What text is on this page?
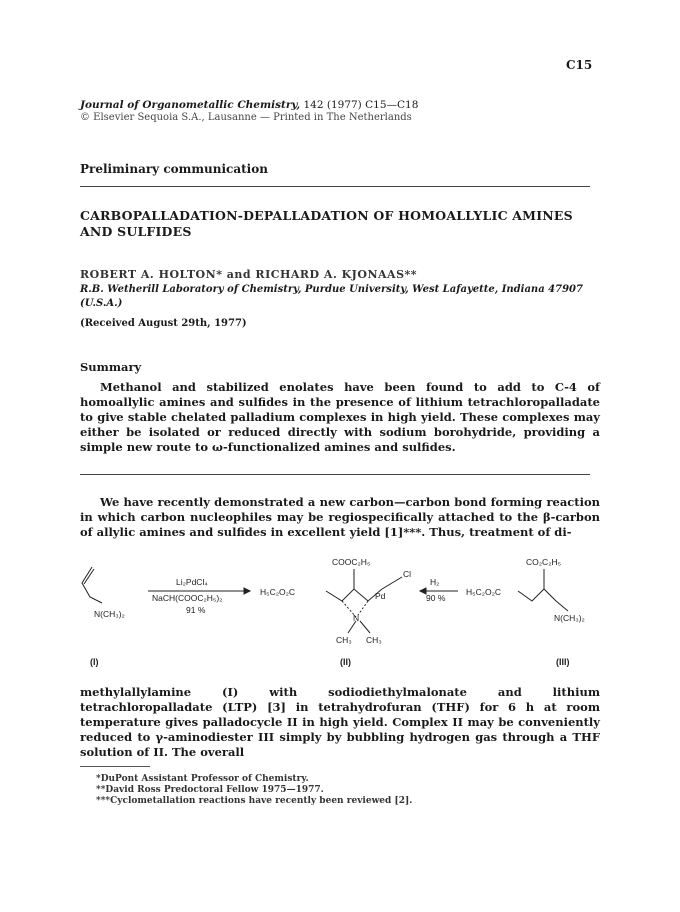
C15
Journal of Organometallic Chemistry, 142 (1977) C15—C18
© Elsevier Sequoia S.A., Lausanne — Printed in The Netherlands
Preliminary communication
CARBOPALLADATION-DEPALLADATION OF HOMOALLYLIC AMINES AND SULFIDES
ROBERT A. HOLTON* and RICHARD A. KJONAAS**
R.B. Wetherill Laboratory of Chemistry, Purdue University, West Lafayette, Indiana 47907 (U.S.A.)
(Received August 29th, 1977)
Summary

Methanol and stabilized enolates have been found to add to C-4 of homoallylic amines and sulfides in the presence of lithium tetrachloropalladate to give stable chelated palladium complexes in high yield. These complexes may either be isolated or reduced directly with sodium borohydride, providing a simple new route to ω-functionalized amines and sulfides.

We have recently demonstrated a new carbon—carbon bond forming reaction in which carbon nucleophiles may be regiospecifically attached to the β-carbon of allylic amines and sulfides in excellent yield [1]***. Thus, treatment of di-

N(CH₃)₂
Li₂PdCl₄
NaCH(COOC₂H₅)₂
91 %
H₅C₂O₂C
COOC₂H₅
Pd
Cl
N
CH₃ CH₃
H₂
90 %
H₅C₂O₂C
CO₂C₂H₅
N(CH₃)₂
(I)	(II)	(III)

methylallylamine (I) with sodiodiethylmalonate and lithium tetrachloropalladate (LTP) [3] in tetrahydrofuran (THF) for 6 h at room temperature gives palladocycle II in high yield. Complex II may be conveniently reduced to γ-aminodiester III simply by bubbling hydrogen gas through a THF solution of II. The overall

*DuPont Assistant Professor of Chemistry.
**David Ross Predoctoral Fellow 1975—1977.
***Cyclometallation reactions have recently been reviewed [2].
